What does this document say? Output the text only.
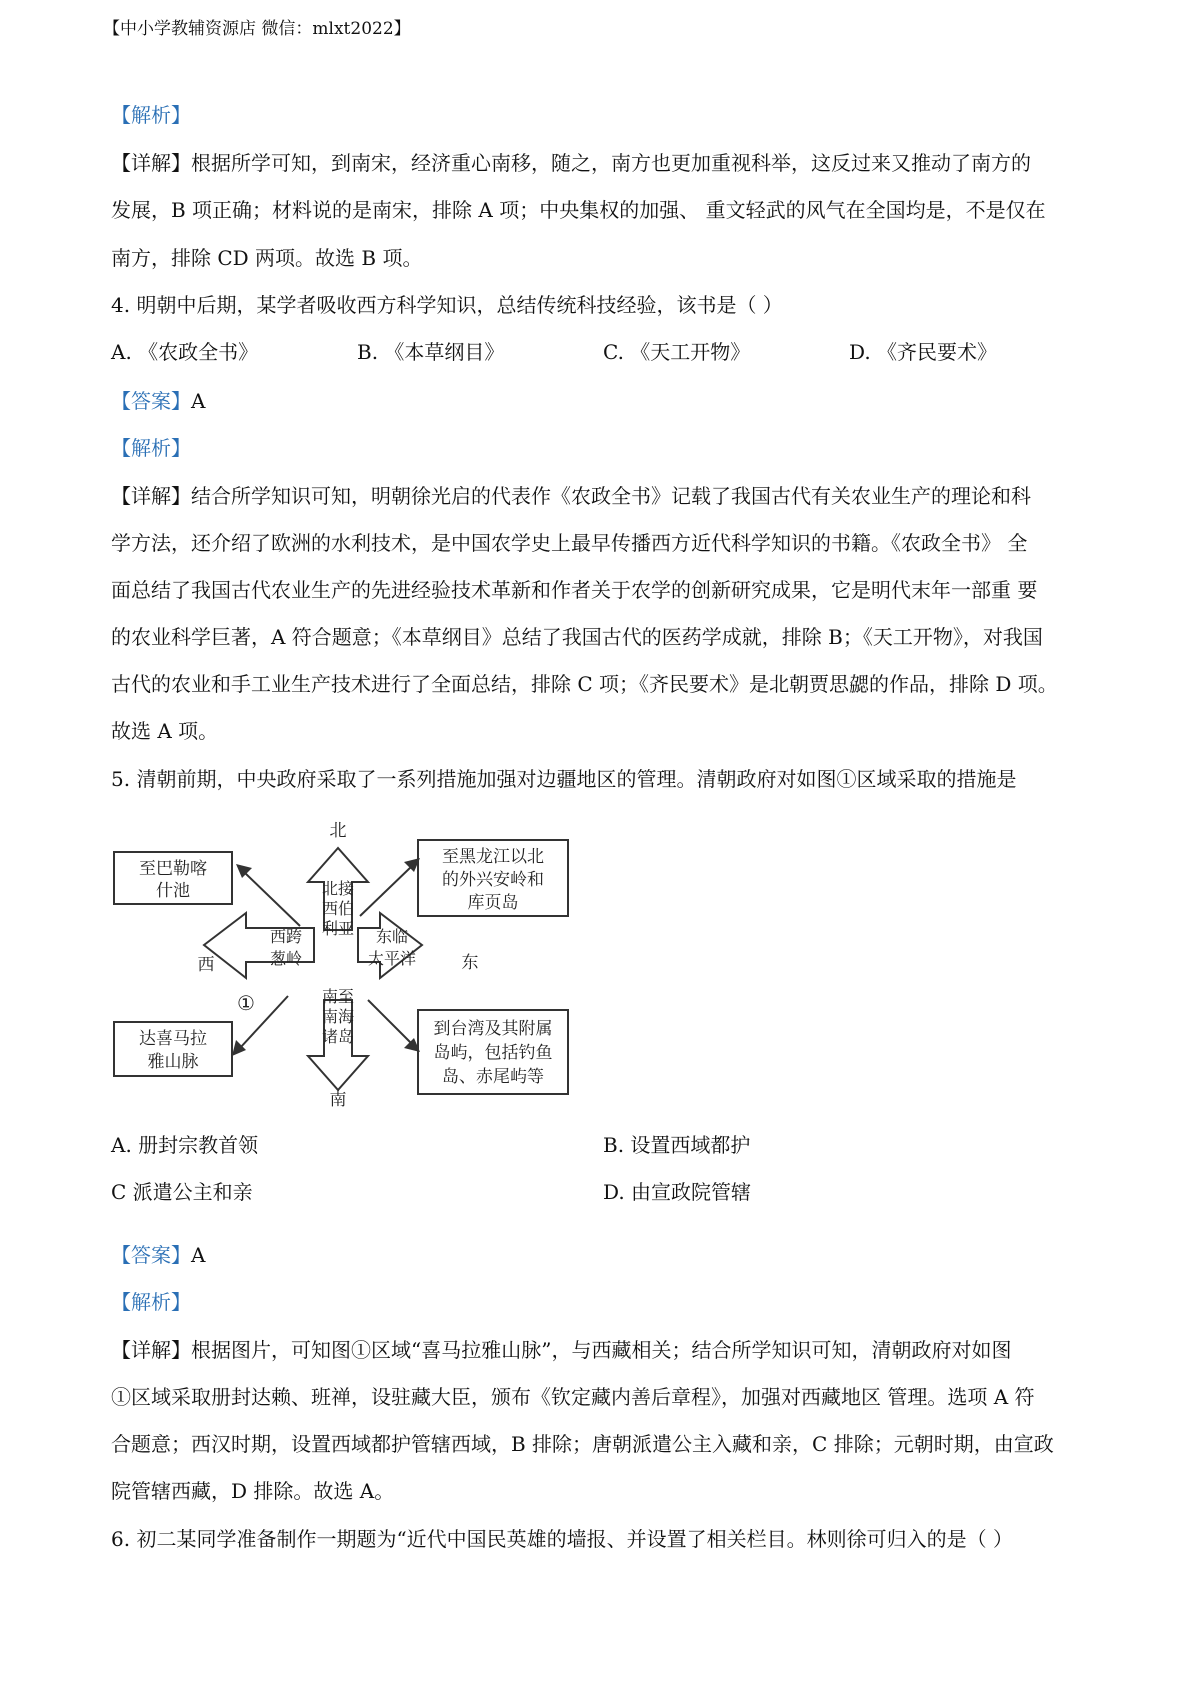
【中小学教辅资源店 微信：mlxt2022】
【解析】
【详解】根据所学可知，到南宋，经济重心南移，随之，南方也更加重视科举，这反过来又推动了南方的
发展，B 项正确；材料说的是南宋，排除 A 项；中央集权的加强、 重文轻武的风气在全国均是，不是仅在
南方，排除 CD 两项。故选 B 项。
4. 明朝中后期，某学者吸收西方科学知识，总结传统科技经验，该书是（ ）
A. 《农政全书》	B. 《本草纲目》	C. 《天工开物》	D. 《齐民要术》
【答案】A
【解析】
【详解】结合所学知识可知，明朝徐光启的代表作《农政全书》记载了我国古代有关农业生产的理论和科
学方法，还介绍了欧洲的水利技术，是中国农学史上最早传播西方近代科学知识的书籍。《农政全书》 全
面总结了我国古代农业生产的先进经验技术革新和作者关于农学的创新研究成果，它是明代末年一部重 要
的农业科学巨著，A 符合题意；《本草纲目》总结了我国古代的医药学成就，排除 B；《天工开物》，对我国
古代的农业和手工业生产技术进行了全面总结，排除 C 项；《齐民要术》是北朝贾思勰的作品，排除 D 项。
故选 A 项。
5. 清朝前期，中央政府采取了一系列措施加强对边疆地区的管理。清朝政府对如图①区域采取的措施是
北
南
西	东
北接
西伯
利亚
西跨
葱岭
东临
太平洋
南至
南海
诸岛
至巴勒喀
什池
至黑龙江以北
的外兴安岭和
库页岛
达喜马拉
雅山脉
到台湾及其附属
岛屿，包括钓鱼
岛、赤尾屿等
①
A. 册封宗教首领	B. 设置西域都护
C 派遣公主和亲	D. 由宣政院管辖
【答案】A
【解析】
【详解】根据图片，可知图①区域“喜马拉雅山脉”，与西藏相关；结合所学知识可知，清朝政府对如图
①区域采取册封达赖、班禅，设驻藏大臣，颁布《钦定藏内善后章程》，加强对西藏地区 管理。选项 A 符
合题意；西汉时期，设置西域都护管辖西域，B 排除；唐朝派遣公主入藏和亲，C 排除；元朝时期，由宣政
院管辖西藏，D 排除。故选 A。
6. 初二某同学准备制作一期题为“近代中国民英雄的墙报、并设置了相关栏目。林则徐可归入的是（ ）
